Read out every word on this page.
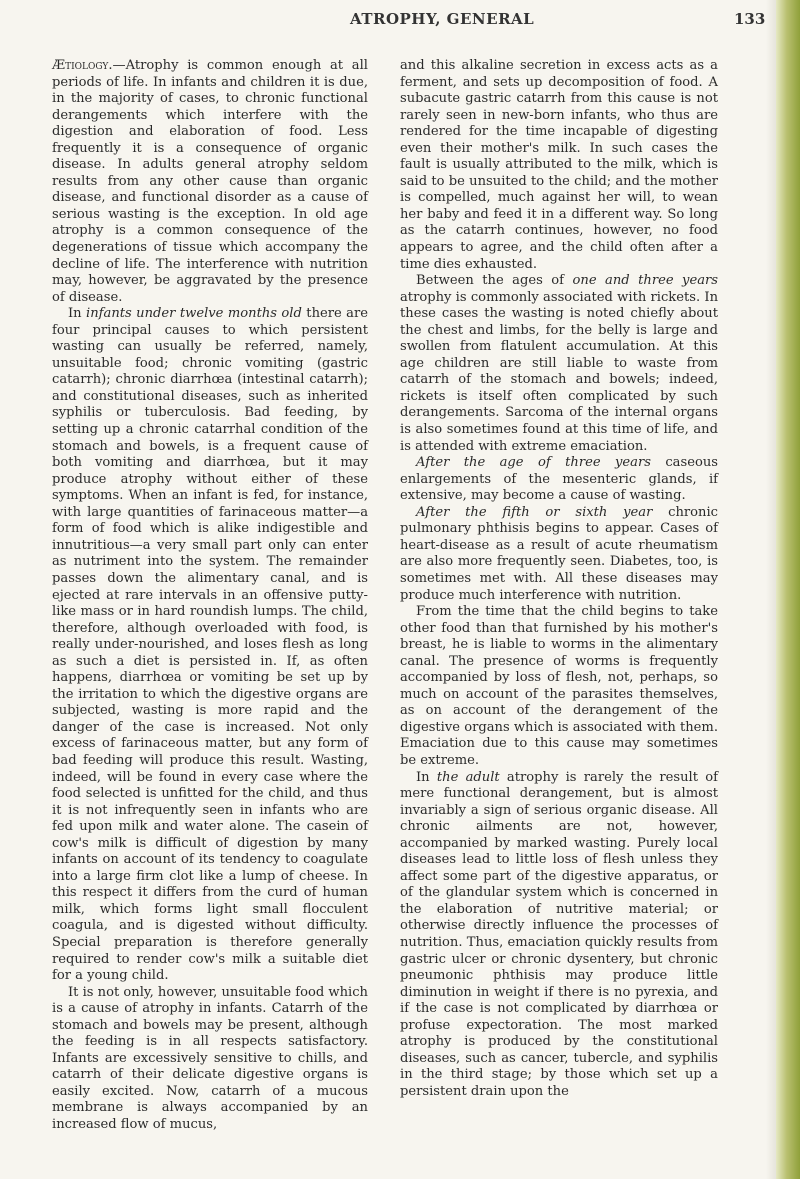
ATROPHY, GENERAL	133

Ætiology.—Atrophy is common enough at all periods of life. In infants and children it is due, in the majority of cases, to chronic functional derangements which interfere with the digestion and elaboration of food. Less frequently it is a consequence of organic disease. In adults general atrophy seldom results from any other cause than organic disease, and functional disorder as a cause of serious wasting is the exception. In old age atrophy is a common consequence of the degenerations of tissue which accompany the decline of life. The interference with nutrition may, however, be aggravated by the presence of disease.

In infants under twelve months old there are four principal causes to which persistent wasting can usually be referred, namely, unsuitable food; chronic vomiting (gastric catarrh); chronic diarrhœa (intestinal catarrh); and constitutional diseases, such as inherited syphilis or tuberculosis. Bad feeding, by setting up a chronic catarrhal condition of the stomach and bowels, is a frequent cause of both vomiting and diarrhœa, but it may produce atrophy without either of these symptoms. When an infant is fed, for instance, with large quantities of farinaceous matter—a form of food which is alike indigestible and innutritious—a very small part only can enter as nutriment into the system. The remainder passes down the alimentary canal, and is ejected at rare intervals in an offensive putty-like mass or in hard roundish lumps. The child, therefore, although overloaded with food, is really under-nourished, and loses flesh as long as such a diet is persisted in. If, as often happens, diarrhœa or vomiting be set up by the irritation to which the digestive organs are subjected, wasting is more rapid and the danger of the case is increased. Not only excess of farinaceous matter, but any form of bad feeding will produce this result. Wasting, indeed, will be found in every case where the food selected is unfitted for the child, and thus it is not infrequently seen in infants who are fed upon milk and water alone. The casein of cow's milk is difficult of digestion by many infants on account of its tendency to coagulate into a large firm clot like a lump of cheese. In this respect it differs from the curd of human milk, which forms light small flocculent coagula, and is digested without difficulty. Special preparation is therefore generally required to render cow's milk a suitable diet for a young child.

It is not only, however, unsuitable food which is a cause of atrophy in infants. Catarrh of the stomach and bowels may be present, although the feeding is in all respects satisfactory. Infants are excessively sensitive to chills, and catarrh of their delicate digestive organs is easily excited. Now, catarrh of a mucous membrane is always accompanied by an increased flow of mucus,

and this alkaline secretion in excess acts as a ferment, and sets up decomposition of food. A subacute gastric catarrh from this cause is not rarely seen in new-born infants, who thus are rendered for the time incapable of digesting even their mother's milk. In such cases the fault is usually attributed to the milk, which is said to be unsuited to the child; and the mother is compelled, much against her will, to wean her baby and feed it in a different way. So long as the catarrh continues, however, no food appears to agree, and the child often after a time dies exhausted.

Between the ages of one and three years atrophy is commonly associated with rickets. In these cases the wasting is noted chiefly about the chest and limbs, for the belly is large and swollen from flatulent accumulation. At this age children are still liable to waste from catarrh of the stomach and bowels; indeed, rickets is itself often complicated by such derangements. Sarcoma of the internal organs is also sometimes found at this time of life, and is attended with extreme emaciation.

After the age of three years caseous enlargements of the mesenteric glands, if extensive, may become a cause of wasting.

After the fifth or sixth year chronic pulmonary phthisis begins to appear. Cases of heart-disease as a result of acute rheumatism are also more frequently seen. Diabetes, too, is sometimes met with. All these diseases may produce much interference with nutrition.

From the time that the child begins to take other food than that furnished by his mother's breast, he is liable to worms in the alimentary canal. The presence of worms is frequently accompanied by loss of flesh, not, perhaps, so much on account of the parasites themselves, as on account of the derangement of the digestive organs which is associated with them. Emaciation due to this cause may sometimes be extreme.

In the adult atrophy is rarely the result of mere functional derangement, but is almost invariably a sign of serious organic disease. All chronic ailments are not, however, accompanied by marked wasting. Purely local diseases lead to little loss of flesh unless they affect some part of the digestive apparatus, or of the glandular system which is concerned in the elaboration of nutritive material; or otherwise directly influence the processes of nutrition. Thus, emaciation quickly results from gastric ulcer or chronic dysentery, but chronic pneumonic phthisis may produce little diminution in weight if there is no pyrexia, and if the case is not complicated by diarrhœa or profuse expectoration. The most marked atrophy is produced by the constitutional diseases, such as cancer, tubercle, and syphilis in the third stage; by those which set up a persistent drain upon the
